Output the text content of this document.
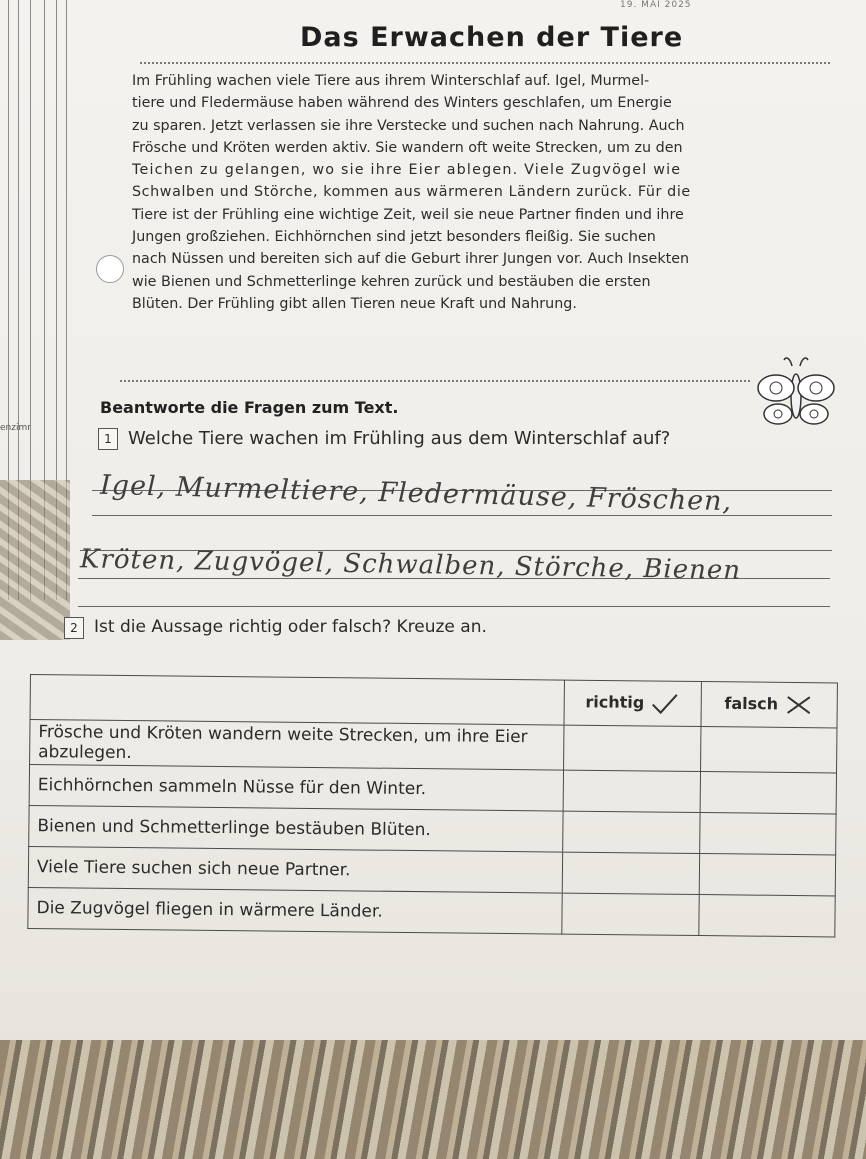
19. MAI 2025
Das Erwachen der Tiere

Im Frühling wachen viele Tiere aus ihrem Winterschlaf auf. Igel, Murmel-
tiere und Fledermäuse haben während des Winters geschlafen, um Energie
zu sparen. Jetzt verlassen sie ihre Verstecke und suchen nach Nahrung. Auch
Frösche und Kröten werden aktiv. Sie wandern oft weite Strecken, um zu den
Teichen zu gelangen, wo sie ihre Eier ablegen. Viele Zugvögel wie
Schwalben und Störche, kommen aus wärmeren Ländern zurück. Für die
Tiere ist der Frühling eine wichtige Zeit, weil sie neue Partner finden und ihre
Jungen großziehen. Eichhörnchen sind jetzt besonders fleißig. Sie suchen
nach Nüssen und bereiten sich auf die Geburt ihrer Jungen vor. Auch Insekten
wie Bienen und Schmetterlinge kehren zurück und bestäuben die ersten
Blüten. Der Frühling gibt allen Tieren neue Kraft und Nahrung.

Beantworte die Fragen zum Text.

enzimr
1 Welche Tiere wachen im Frühling aus dem Winterschlaf auf?

Igel, Murmeltiere, Fledermäuse, Fröschen,
Kröten, Zugvögel, Schwalben, Störche, Bienen
2 Ist die Aussage richtig oder falsch? Kreuze an.

	richtig	falsch
Frösche und Kröten wandern weite Strecken, um ihre Eier abzulegen.		
Eichhörnchen sammeln Nüsse für den Winter.		
Bienen und Schmetterlinge bestäuben Blüten.		
Viele Tiere suchen sich neue Partner.		
Die Zugvögel fliegen in wärmere Länder.		
